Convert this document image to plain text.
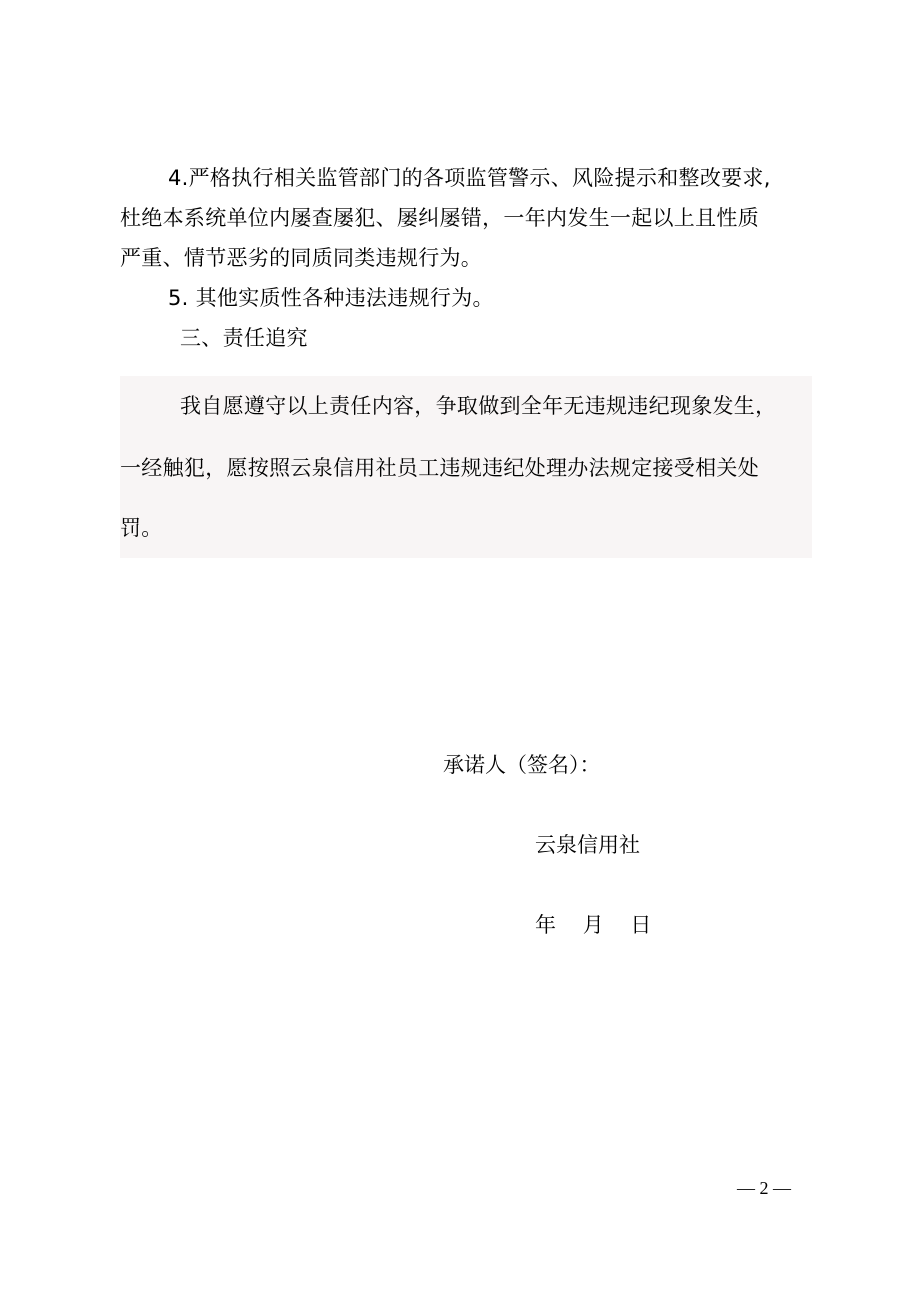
4.严格执行相关监管部门的各项监管警示、风险提示和整改要求,
杜绝本系统单位内屡查屡犯、屡纠屡错，一年内发生一起以上且性质
严重、情节恶劣的同质同类违规行为。
5. 其他实质性各种违法违规行为。
三、责任追究
我自愿遵守以上责任内容，争取做到全年无违规违纪现象发生，
一经触犯，愿按照云泉信用社员工违规违纪处理办法规定接受相关处
罚。
承诺人（签名）：
云泉信用社
年    月    日
— 2 —
